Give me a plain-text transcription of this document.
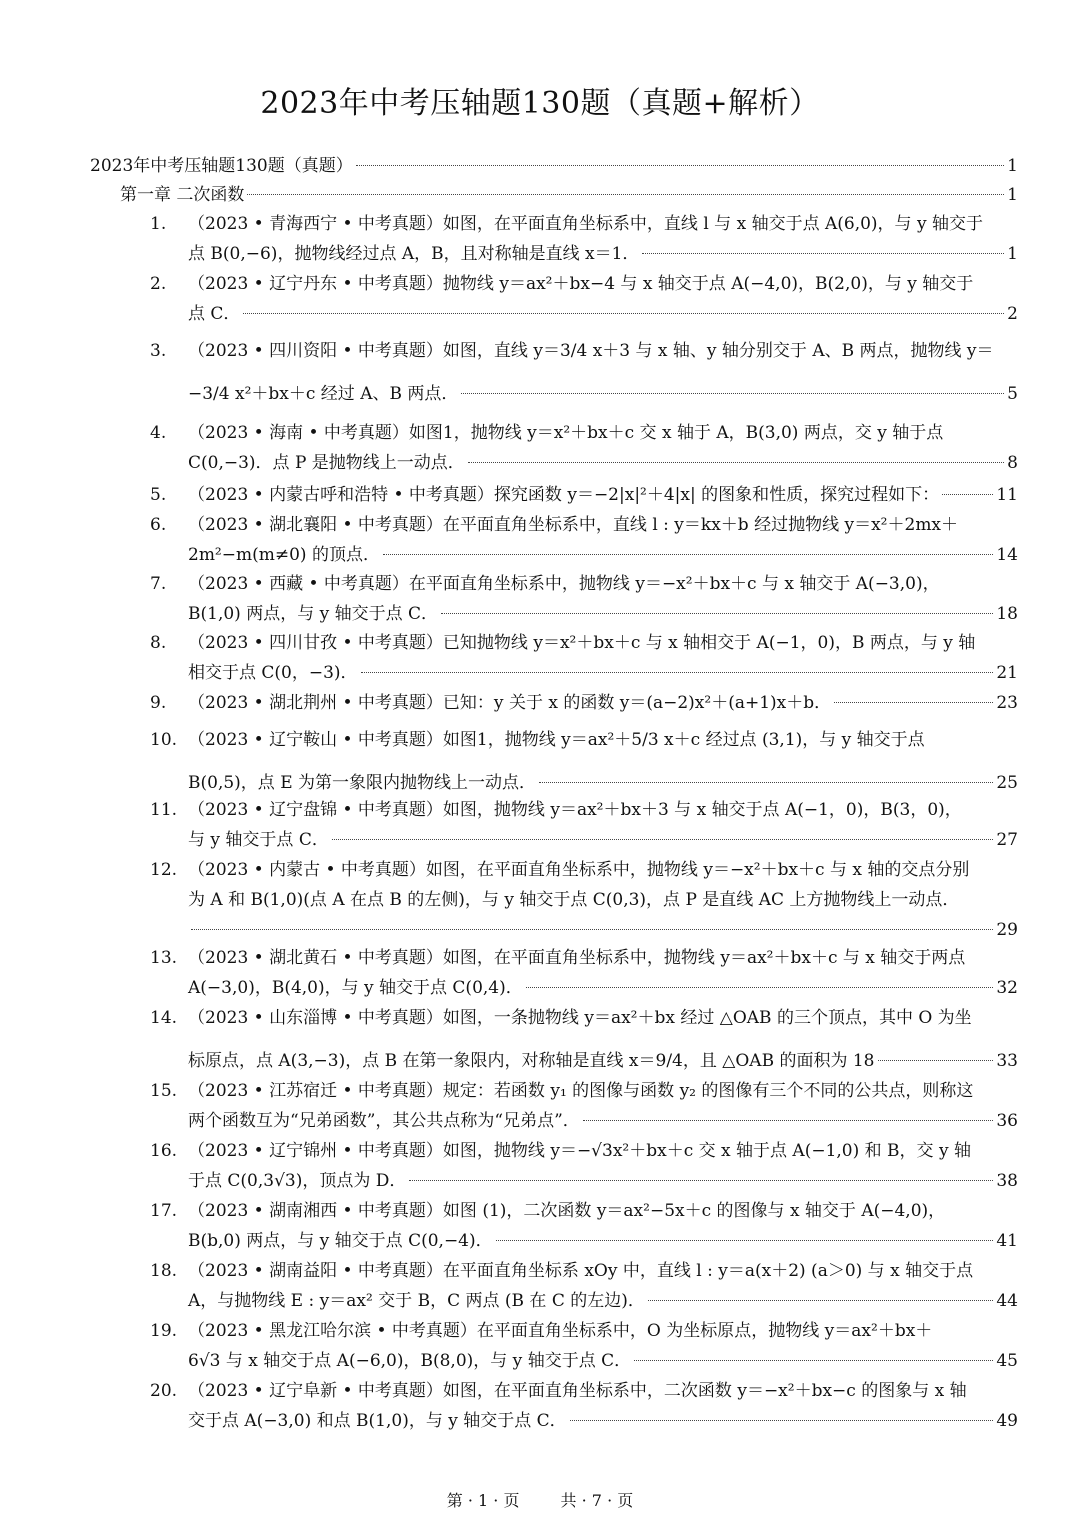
2023年中考压轴题130题（真题+解析）
2023年中考压轴题130题（真题）	1
第一章 二次函数	1
1. （2023 • 青海西宁 • 中考真题）如图，在平面直角坐标系中，直线 l 与 x 轴交于点 A(6,0)，与 y 轴交于
点 B(0,−6)，抛物线经过点 A，B，且对称轴是直线 x＝1．	1
2. （2023 • 辽宁丹东 • 中考真题）抛物线 y＝ax²＋bx−4 与 x 轴交于点 A(−4,0)，B(2,0)，与 y 轴交于
点 C．	2
3. （2023 • 四川资阳 • 中考真题）如图，直线 y＝3/4 x＋3 与 x 轴、y 轴分别交于 A、B 两点，抛物线 y＝
−3/4 x²＋bx＋c 经过 A、B 两点．	5
4. （2023 • 海南 • 中考真题）如图1，抛物线 y＝x²＋bx＋c 交 x 轴于 A，B(3,0) 两点，交 y 轴于点
C(0,−3)．点 P 是抛物线上一动点．	8
5.	（2023 • 内蒙古呼和浩特 • 中考真题）探究函数 y＝−2|x|²＋4|x| 的图象和性质，探究过程如下：	11
6. （2023 • 湖北襄阳 • 中考真题）在平面直角坐标系中，直线 l : y＝kx＋b 经过抛物线 y＝x²＋2mx＋
2m²−m(m≠0) 的顶点．	14
7. （2023 • 西藏 • 中考真题）在平面直角坐标系中，抛物线 y＝−x²＋bx＋c 与 x 轴交于 A(−3,0)，
B(1,0) 两点，与 y 轴交于点 C．	18
8. （2023 • 四川甘孜 • 中考真题）已知抛物线 y＝x²＋bx＋c 与 x 轴相交于 A(−1，0)，B 两点，与 y 轴
相交于点 C(0，−3)．	21
9.	（2023 • 湖北荆州 • 中考真题）已知：y 关于 x 的函数 y＝(a−2)x²＋(a+1)x＋b．	23
10. （2023 • 辽宁鞍山 • 中考真题）如图1，抛物线 y＝ax²＋5/3 x＋c 经过点 (3,1)，与 y 轴交于点
B(0,5)，点 E 为第一象限内抛物线上一动点．	25
11. （2023 • 辽宁盘锦 • 中考真题）如图，抛物线 y＝ax²＋bx＋3 与 x 轴交于点 A(−1，0)，B(3，0)，
与 y 轴交于点 C．	27
12. （2023 • 内蒙古 • 中考真题）如图，在平面直角坐标系中，抛物线 y＝−x²＋bx＋c 与 x 轴的交点分别
为 A 和 B(1,0)(点 A 在点 B 的左侧)，与 y 轴交于点 C(0,3)，点 P 是直线 AC 上方抛物线上一动点．
29
13. （2023 • 湖北黄石 • 中考真题）如图，在平面直角坐标系中，抛物线 y＝ax²＋bx＋c 与 x 轴交于两点
A(−3,0)，B(4,0)，与 y 轴交于点 C(0,4)．	32
14. （2023 • 山东淄博 • 中考真题）如图，一条抛物线 y＝ax²＋bx 经过 △OAB 的三个顶点，其中 O 为坐
标原点，点 A(3,−3)，点 B 在第一象限内，对称轴是直线 x＝9/4，且 △OAB 的面积为 18	33
15. （2023 • 江苏宿迁 • 中考真题）规定：若函数 y₁ 的图像与函数 y₂ 的图像有三个不同的公共点，则称这
两个函数互为“兄弟函数”，其公共点称为“兄弟点”．	36
16. （2023 • 辽宁锦州 • 中考真题）如图，抛物线 y＝−√3x²＋bx＋c 交 x 轴于点 A(−1,0) 和 B，交 y 轴
于点 C(0,3√3)，顶点为 D．	38
17. （2023 • 湖南湘西 • 中考真题）如图 (1)，二次函数 y＝ax²−5x＋c 的图像与 x 轴交于 A(−4,0)，
B(b,0) 两点，与 y 轴交于点 C(0,−4)．	41
18. （2023 • 湖南益阳 • 中考真题）在平面直角坐标系 xOy 中，直线 l : y＝a(x＋2) (a＞0) 与 x 轴交于点
A，与抛物线 E : y＝ax² 交于 B，C 两点 (B 在 C 的左边)．	44
19. （2023 • 黑龙江哈尔滨 • 中考真题）在平面直角坐标系中，O 为坐标原点，抛物线 y＝ax²＋bx＋
6√3 与 x 轴交于点 A(−6,0)，B(8,0)，与 y 轴交于点 C．	45
20. （2023 • 辽宁阜新 • 中考真题）如图，在平面直角坐标系中，二次函数 y＝−x²＋bx−c 的图象与 x 轴
交于点 A(−3,0) 和点 B(1,0)，与 y 轴交于点 C．	49
第 · 1 · 页	共 · 7 · 页
